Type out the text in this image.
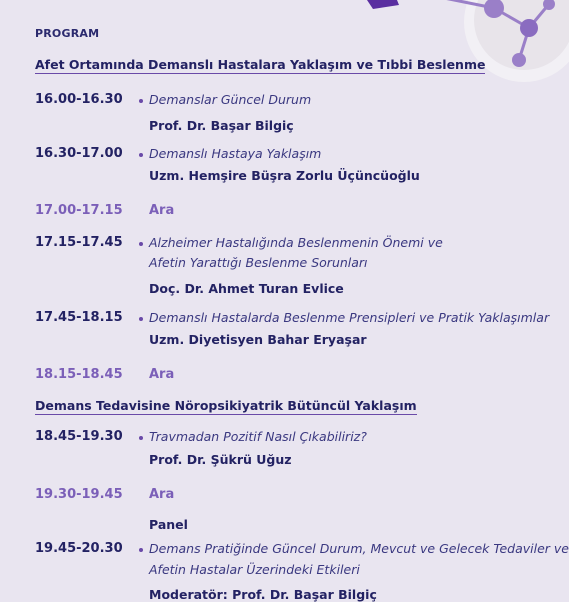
PROGRAM
Afet Ortamında Demanslı Hastalara Yaklaşım ve Tıbbi Beslenme
16.00-16.30 Demanslar Güncel Durum
Prof. Dr. Başar Bilgiç
16.30-17.00 Demanslı Hastaya Yaklaşım
Uzm. Hemşire Büşra Zorlu Üçüncüoğlu
17.00-17.15 Ara
17.15-17.45 Alzheimer Hastalığında Beslenmenin Önemi ve
Afetin Yarattığı Beslenme Sorunları
Doç. Dr. Ahmet Turan Evlice
17.45-18.15 Demanslı Hastalarda Beslenme Prensipleri ve Pratik Yaklaşımlar
Uzm. Diyetisyen Bahar Eryaşar
18.15-18.45 Ara
Demans Tedavisine Nöropsikiyatrik Bütüncül Yaklaşım
18.45-19.30 Travmadan Pozitif Nasıl Çıkabiliriz?
Prof. Dr. Şükrü Uğuz
19.30-19.45 Ara
Panel
19.45-20.30 Demans Pratiğinde Güncel Durum, Mevcut ve Gelecek Tedaviler ve
Afetin Hastalar Üzerindeki Etkileri
Moderatör: Prof. Dr. Başar Bilgiç
